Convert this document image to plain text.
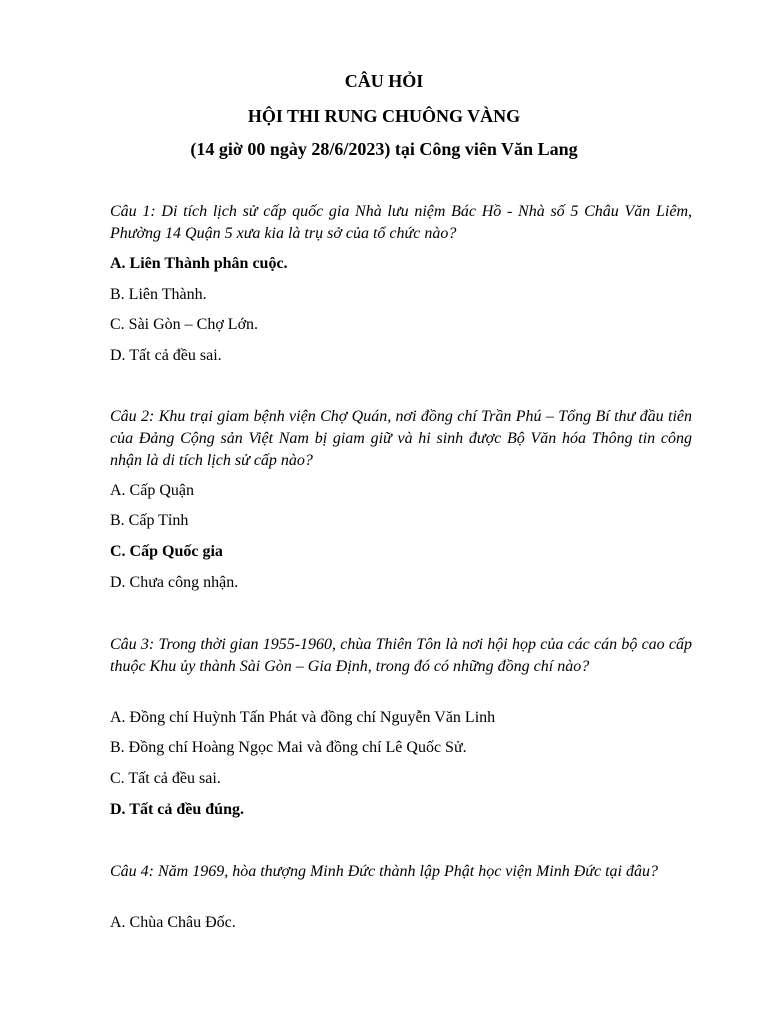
CÂU HỎI
HỘI THI RUNG CHUÔNG VÀNG
(14 giờ 00 ngày 28/6/2023) tại Công viên Văn Lang
Câu 1: Di tích lịch sử cấp quốc gia Nhà lưu niệm Bác Hồ - Nhà số 5 Châu Văn Liêm, Phường 14 Quận 5 xưa kia là trụ sở của tổ chức nào?
A. Liên Thành phân cuộc.
B. Liên Thành.
C. Sài Gòn – Chợ Lớn.
D. Tất cả đều sai.
Câu 2: Khu trại giam bệnh viện Chợ Quán, nơi đồng chí Trần Phú – Tổng Bí thư đầu tiên của Đảng Cộng sản Việt Nam bị giam giữ và hi sinh được Bộ Văn hóa Thông tin công nhận là di tích lịch sử cấp nào?
A. Cấp Quận
B. Cấp Tỉnh
C. Cấp Quốc gia
D. Chưa công nhận.
Câu 3: Trong thời gian 1955-1960, chùa Thiên Tôn là nơi hội họp của các cán bộ cao cấp thuộc Khu ủy thành Sài Gòn – Gia Định, trong đó có những đồng chí nào?
A. Đồng chí Huỳnh Tấn Phát và đồng chí Nguyễn Văn Linh
B. Đồng chí Hoàng Ngọc Mai và đồng chí Lê Quốc Sử.
C. Tất cả đều sai.
D. Tất cả đều đúng.
Câu 4: Năm 1969, hòa thượng Minh Đức thành lập Phật học viện Minh Đức tại đâu?
A. Chùa Châu Đốc.
